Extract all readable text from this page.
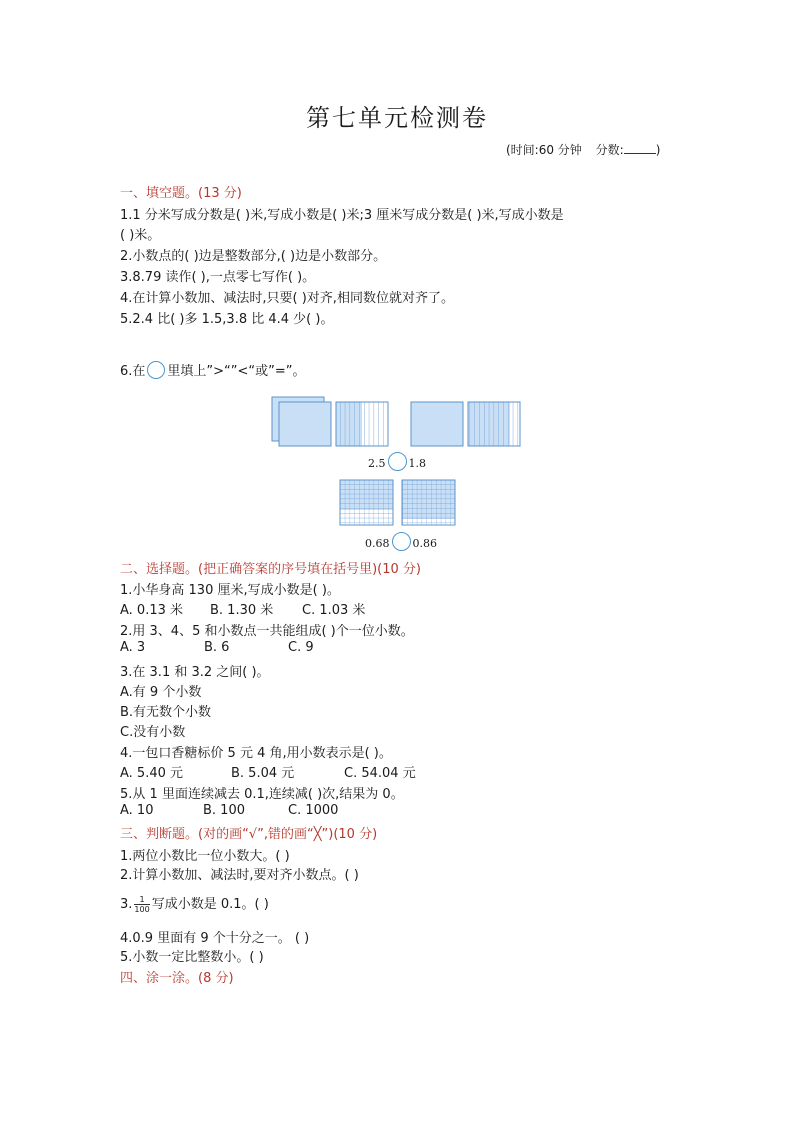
第七单元检测卷
(时间:60 分钟 分数:	)
一、填空题。(13 分)
1.1 分米写成分数是( )米,写成小数是( )米;3 厘米写成分数是( )米,写成小数是
( )米。
2.小数点的( )边是整数部分,( )边是小数部分。
3.8.79 读作( ),一点零七写作( )。
4.在计算小数加、减法时,只要( )对齐,相同数位就对齐了。
5.2.4 比( )多 1.5,3.8 比 4.4 少( )。
6.在 里填上”>“”<“或”=”。
2.5 1.8
0.68 0.86
二、选择题。(把正确答案的序号填在括号里)(10 分)
1.小华身高 130 厘米,写成小数是( )。
A. 0.13 米 B. 1.30 米 C. 1.03 米
2.用 3、4、5 和小数点一共能组成( )个一位小数。
A. 3	B. 6	C. 9
3.在 3.1 和 3.2 之间( )。
A.有 9 个小数
B.有无数个小数
C.没有小数
4.一包口香糖标价 5 元 4 角,用小数表示是( )。
A. 5.40 元	B. 5.04 元	C. 54.04 元
5.从 1 里面连续减去 0.1,连续减( )次,结果为 0。
A. 10	B. 100	C. 1000
三、判断题。(对的画“√”,错的画“╳”)(10 分)
1.两位小数比一位小数大。( )
2.计算小数加、减法时,要对齐小数点。( )
3. $\frac{1}{100}$ 写成小数是 0.1。( )
4.0.9 里面有 9 个十分之一。 ( )
5.小数一定比整数小。( )
四、涂一涂。(8 分)
